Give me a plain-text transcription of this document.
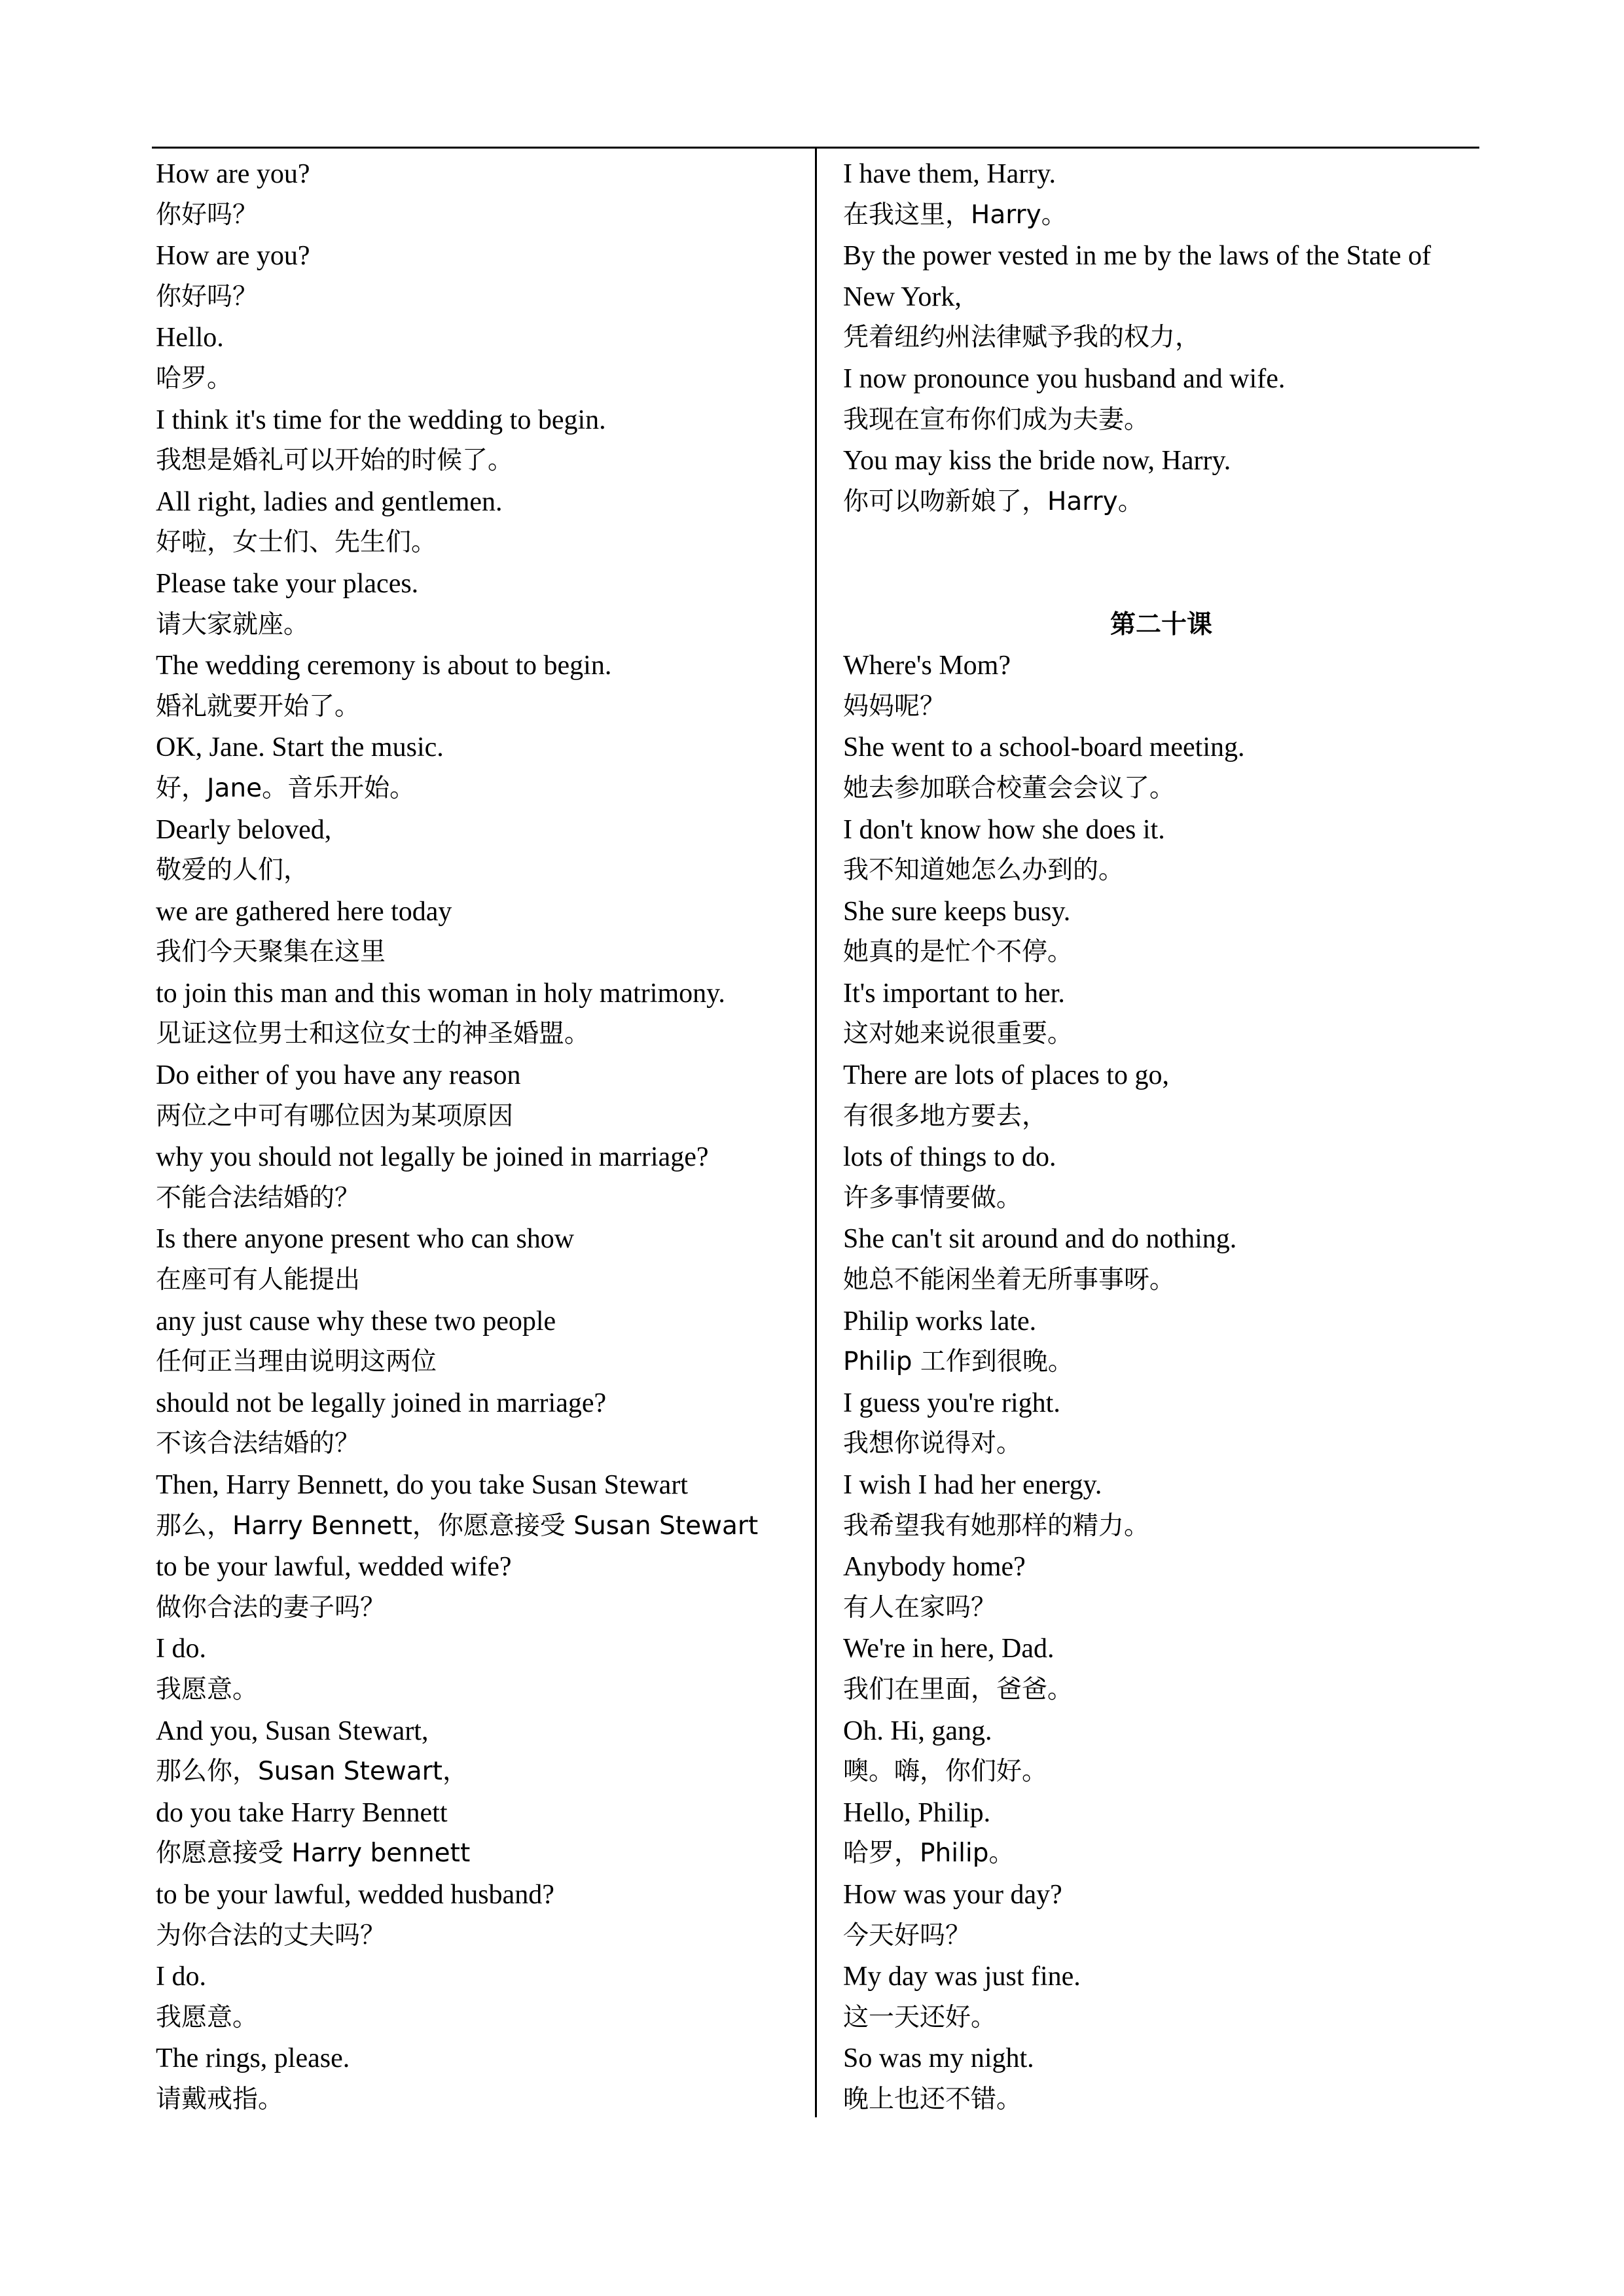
How are you?
你好吗？
How are you?
你好吗？
Hello.
哈罗。
I think it's time for the wedding to begin.
我想是婚礼可以开始的时候了。
All right, ladies and gentlemen.
好啦，女士们、先生们。
Please take your places.
请大家就座。
The wedding ceremony is about to begin.
婚礼就要开始了。
OK, Jane. Start the music.
好，Jane。音乐开始。
Dearly beloved,
敬爱的人们，
we are gathered here today
我们今天聚集在这里
to join this man and this woman in holy matrimony.
见证这位男士和这位女士的神圣婚盟。
Do either of you have any reason
两位之中可有哪位因为某项原因
why you should not legally be joined in marriage?
不能合法结婚的？
Is there anyone present who can show
在座可有人能提出
any just cause why these two people
任何正当理由说明这两位
should not be legally joined in marriage?
不该合法结婚的？
Then, Harry Bennett, do you take Susan Stewart
那么，Harry Bennett，你愿意接受 Susan Stewart
to be your lawful, wedded wife?
做你合法的妻子吗？
I do.
我愿意。
And you, Susan Stewart,
那么你，Susan Stewart，
do you take Harry Bennett
你愿意接受 Harry bennett
to be your lawful, wedded husband?
为你合法的丈夫吗？
I do.
我愿意。
The rings, please.
请戴戒指。
I have them, Harry.
在我这里，Harry。
By the power vested in me by the laws of the State of New York,
凭着纽约州法律赋予我的权力，
I now pronounce you husband and wife.
我现在宣布你们成为夫妻。
You may kiss the bride now, Harry.
你可以吻新娘了，Harry。
第二十课
Where's Mom?
妈妈呢？
She went to a school-board meeting.
她去参加联合校董会会议了。
I don't know how she does it.
我不知道她怎么办到的。
She sure keeps busy.
她真的是忙个不停。
It's important to her.
这对她来说很重要。
There are lots of places to go,
有很多地方要去，
lots of things to do.
许多事情要做。
She can't sit around and do nothing.
她总不能闲坐着无所事事呀。
Philip works late.
Philip 工作到很晚。
I guess you're right.
我想你说得对。
I wish I had her energy.
我希望我有她那样的精力。
Anybody home?
有人在家吗？
We're in here, Dad.
我们在里面，爸爸。
Oh. Hi, gang.
噢。嗨，你们好。
Hello, Philip.
哈罗，Philip。
How was your day?
今天好吗？
My day was just fine.
这一天还好。
So was my night.
晚上也还不错。
